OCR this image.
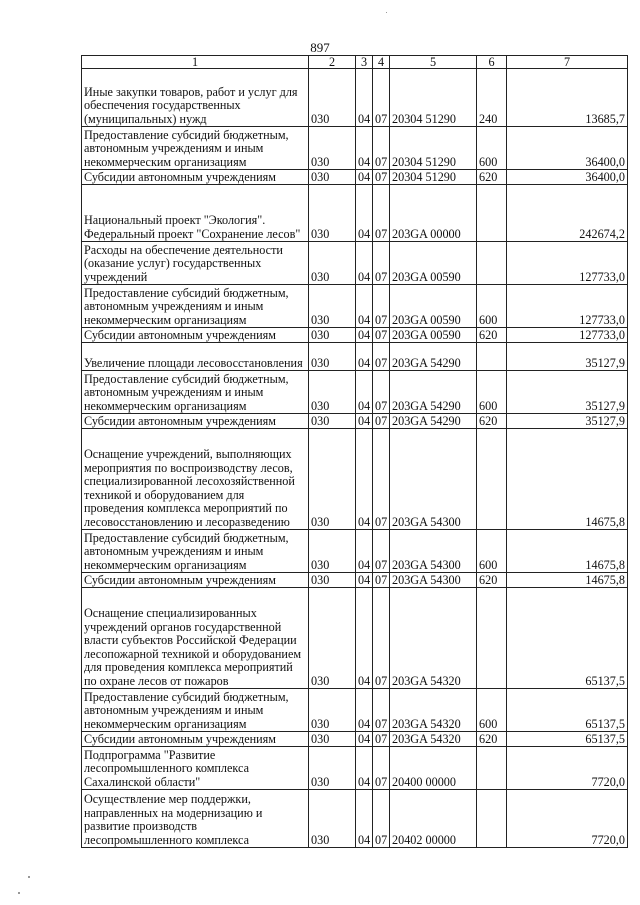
897
1	2	3	4	5	6	7
Иные закупки товаров, работ и услуг для обеспечения государственных (муниципальных) нужд	030	04	07	20304 51290	240	13685,7
Предоставление субсидий бюджетным, автономным учреждениям и иным некоммерческим организациям	030	04	07	20304 51290	600	36400,0
Субсидии автономным учреждениям	030	04	07	20304 51290	620	36400,0
Национальный проект "Экология". Федеральный проект "Сохранение лесов"	030	04	07	203GA 00000		242674,2
Расходы на обеспечение деятельности (оказание услуг) государственных учреждений	030	04	07	203GA 00590		127733,0
Предоставление субсидий бюджетным, автономным учреждениям и иным некоммерческим организациям	030	04	07	203GA 00590	600	127733,0
Субсидии автономным учреждениям	030	04	07	203GA 00590	620	127733,0
Увеличение площади лесовосстановления	030	04	07	203GA 54290		35127,9
Предоставление субсидий бюджетным, автономным учреждениям и иным некоммерческим организациям	030	04	07	203GA 54290	600	35127,9
Субсидии автономным учреждениям	030	04	07	203GA 54290	620	35127,9
Оснащение учреждений, выполняющих мероприятия по воспроизводству лесов, специализированной лесохозяйственной техникой и оборудованием для проведения комплекса мероприятий по лесовосстановлению и лесоразведению	030	04	07	203GA 54300		14675,8
Предоставление субсидий бюджетным, автономным учреждениям и иным некоммерческим организациям	030	04	07	203GA 54300	600	14675,8
Субсидии автономным учреждениям	030	04	07	203GA 54300	620	14675,8
Оснащение специализированных учреждений органов государственной власти субъектов Российской Федерации лесопожарной техникой и оборудованием для проведения комплекса мероприятий по охране лесов от пожаров	030	04	07	203GA 54320		65137,5
Предоставление субсидий бюджетным, автономным учреждениям и иным некоммерческим организациям	030	04	07	203GA 54320	600	65137,5
Субсидии автономным учреждениям	030	04	07	203GA 54320	620	65137,5
Подпрограмма "Развитие лесопромышленного комплекса Сахалинской области"	030	04	07	20400 00000		7720,0
Осуществление мер поддержки, направленных на модернизацию и развитие производств лесопромышленного комплекса	030	04	07	20402 00000		7720,0
